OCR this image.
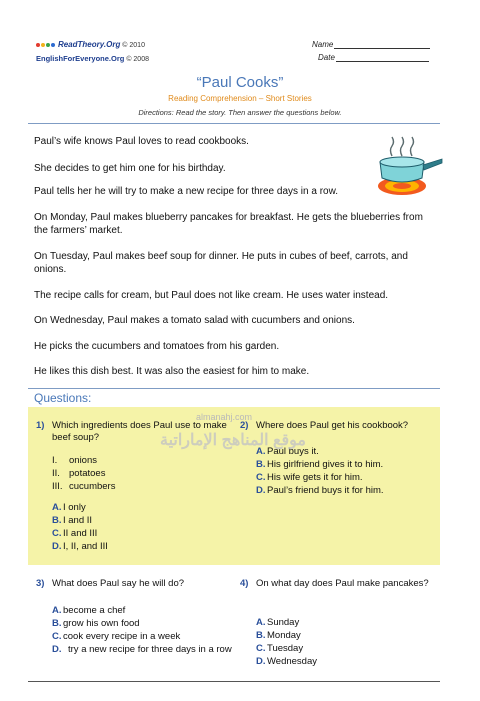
ReadTheory.Org © 2010
EnglishForEveryone.Org © 2008
Name
Date
“Paul Cooks”
Reading Comprehension – Short Stories
Directions: Read the story. Then answer the questions below.
Paul’s wife knows Paul loves to read cookbooks.
She decides to get him one for his birthday.
Paul tells her he will try to make a new recipe for three days in a row.
On Monday, Paul makes blueberry pancakes for breakfast. He gets the blueberries from the farmers’ market.
On Tuesday, Paul makes beef soup for dinner. He puts in cubes of beef, carrots, and onions.
The recipe calls for cream, but Paul does not like cream. He uses water instead.
On Wednesday, Paul makes a tomato salad with cucumbers and onions.
He picks the cucumbers and tomatoes from his garden.
He likes this dish best. It was also the easiest for him to make.
Questions:
1) Which ingredients does Paul use to make beef soup?
I. onions
II. potatoes
III. cucumbers
A. I only
B. I and II
C. II and III
D. I, II, and III
2) Where does Paul get his cookbook?
A. Paul buys it.
B. His girlfriend gives it to him.
C. His wife gets it for him.
D. Paul’s friend buys it for him.
almanahj.com
موقع المناهج الإماراتية
3) What does Paul say he will do?
A. become a chef
B. grow his own food
C. cook every recipe in a week
D. try a new recipe for three days in a row
4) On what day does Paul make pancakes?
A. Sunday
B. Monday
C. Tuesday
D. Wednesday
